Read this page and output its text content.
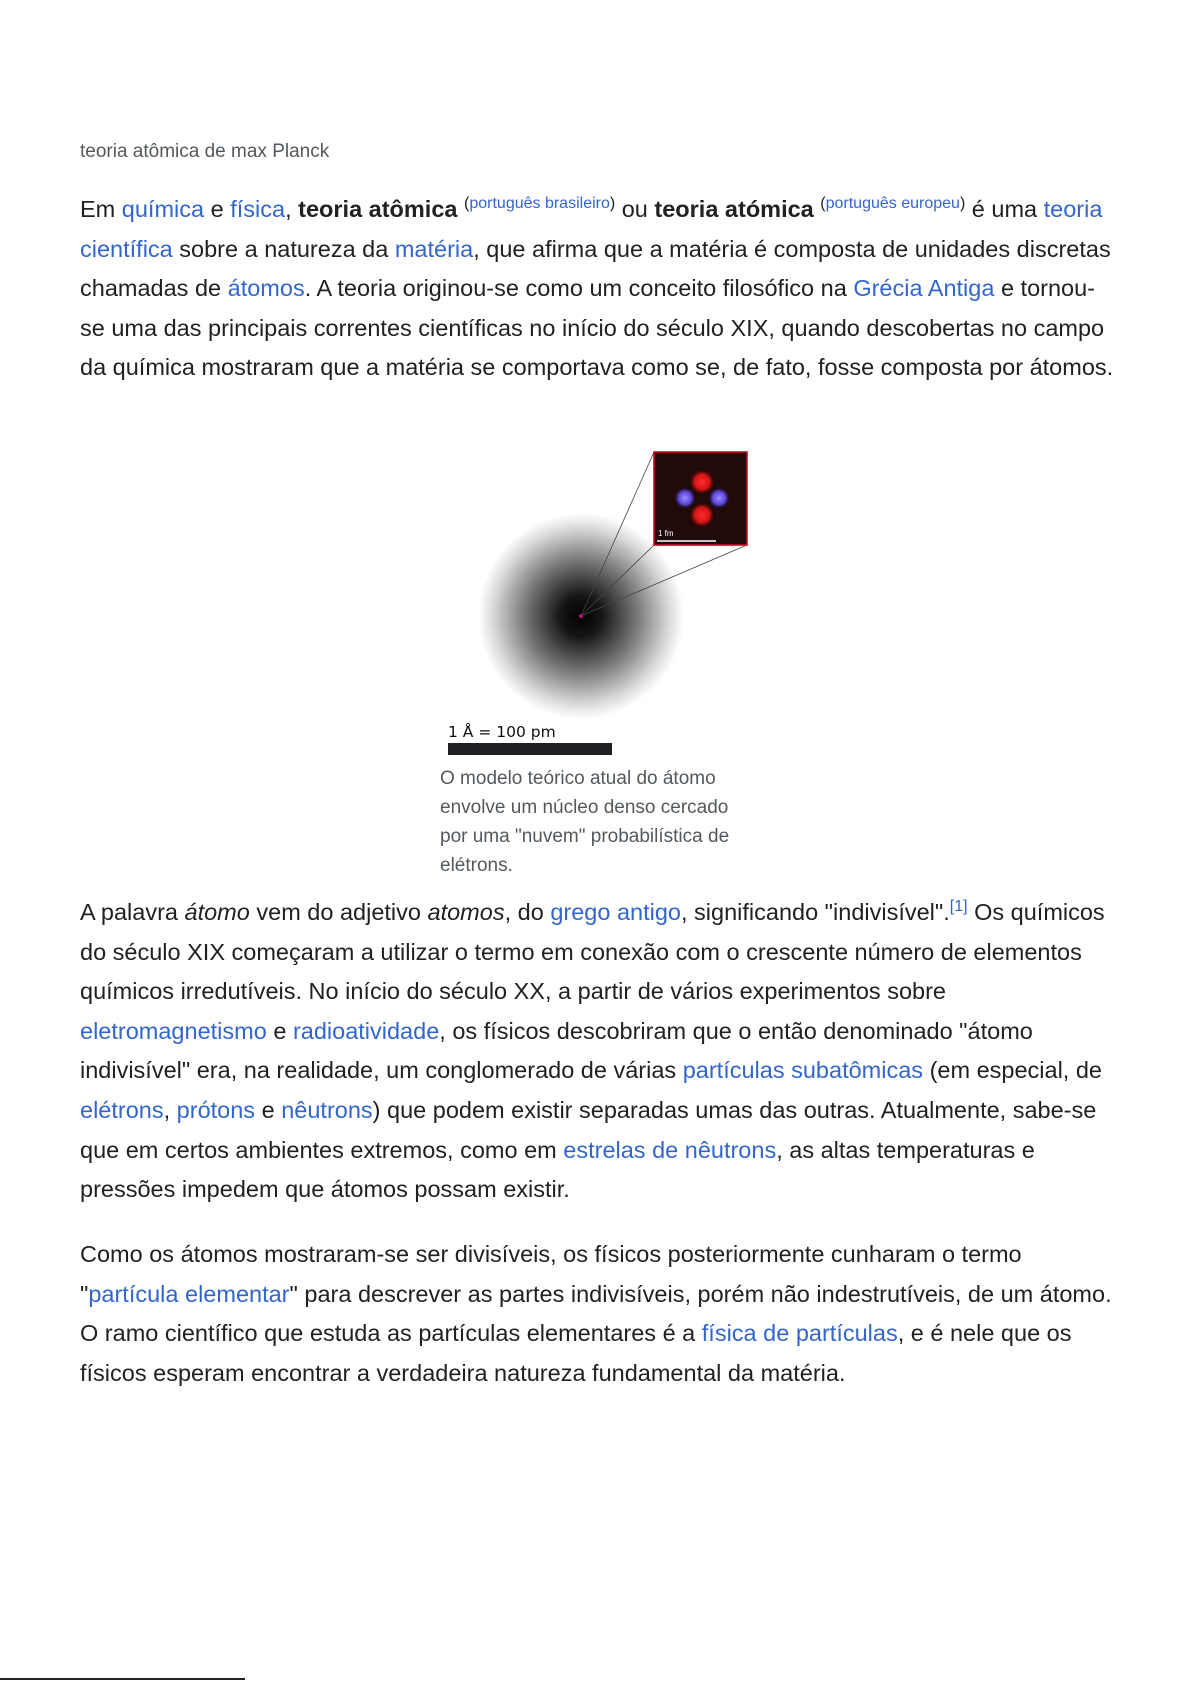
teoria atômica de max Planck

Em química e física, teoria atômica $^{(português brasileiro)}$ ou teoria atómica $^{(português europeu)}$ é uma teoria científica sobre a natureza da matéria, que afirma que a matéria é composta de unidades discretas chamadas de átomos. A teoria originou-se como um conceito filosófico na Grécia Antiga e tornou-se uma das principais correntes científicas no início do século XIX, quando descobertas no campo da química mostraram que a matéria se comportava como se, de fato, fosse composta por átomos.

1 fm
1 Å = 100 pm
O modelo teórico atual do átomo envolve um núcleo denso cercado por uma "nuvem" probabilística de elétrons.

A palavra átomo vem do adjetivo atomos, do grego antigo, significando "indivisível".[1] Os químicos do século XIX começaram a utilizar o termo em conexão com o crescente número de elementos químicos irredutíveis. No início do século XX, a partir de vários experimentos sobre eletromagnetismo e radioatividade, os físicos descobriram que o então denominado "átomo indivisível" era, na realidade, um conglomerado de várias partículas subatômicas (em especial, de elétrons, prótons e nêutrons) que podem existir separadas umas das outras. Atualmente, sabe-se que em certos ambientes extremos, como em estrelas de nêutrons, as altas temperaturas e pressões impedem que átomos possam existir.

Como os átomos mostraram-se ser divisíveis, os físicos posteriormente cunharam o termo "partícula elementar" para descrever as partes indivisíveis, porém não indestrutíveis, de um átomo. O ramo científico que estuda as partículas elementares é a física de partículas, e é nele que os físicos esperam encontrar a verdadeira natureza fundamental da matéria.
